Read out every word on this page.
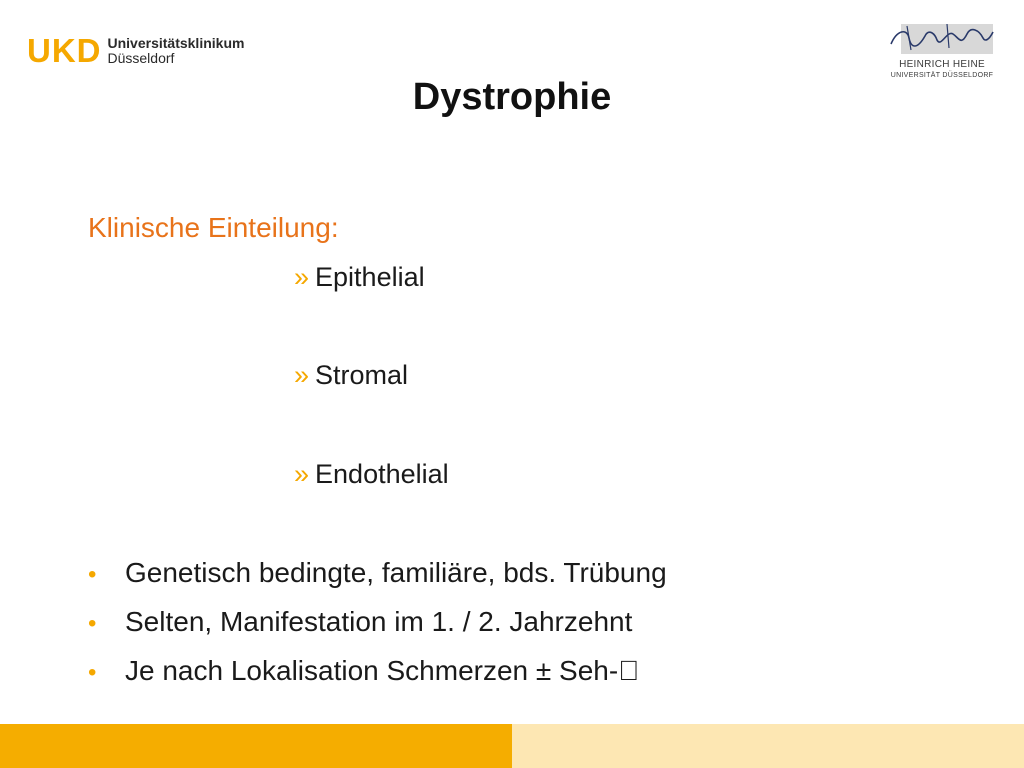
UKD Universitätsklinikum
Düsseldorf	HEINRICH HEINE
UNIVERSITÄT DÜSSELDORF
Dystrophie
Klinische Einteilung:
» Epithelial
» Stromal
» Endothelial
•	Genetisch bedingte, familiäre, bds. Trübung
•	Selten, Manifestation im 1. / 2. Jahrzehnt
•	Je nach Lokalisation Schmerzen ± Seh-⃞
